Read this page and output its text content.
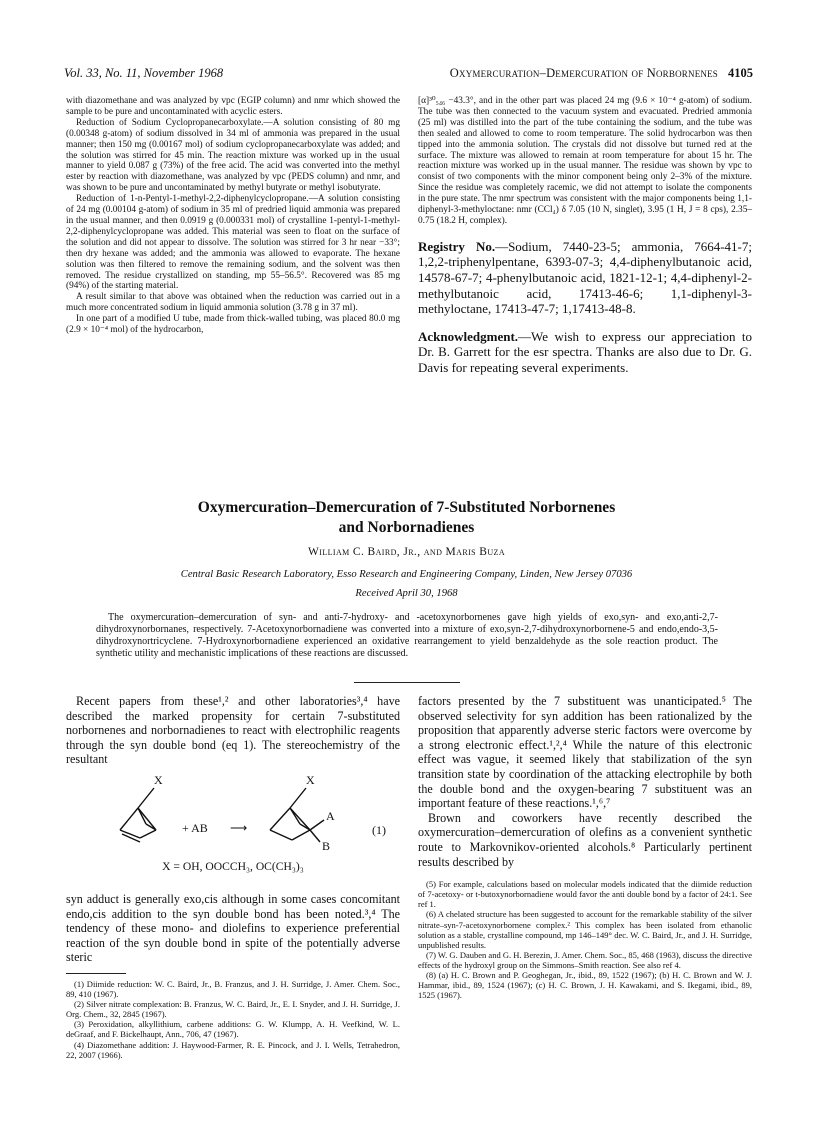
Vol. 33, No. 11, November 1968	Oxymercuration–Demercuration of Norbornenes 4105

with diazomethane and was analyzed by vpc (EGIP column) and nmr which showed the sample to be pure and uncontaminated with acyclic esters.

Reduction of Sodium Cyclopropanecarboxylate.—A solution consisting of 80 mg (0.00348 g-atom) of sodium dissolved in 34 ml of ammonia was prepared in the usual manner; then 150 mg (0.00167 mol) of sodium cyclopropanecarboxylate was added; and the solution was stirred for 45 min. The reaction mixture was worked up in the usual manner to yield 0.087 g (73%) of the free acid. The acid was converted into the methyl ester by reaction with diazomethane, was analyzed by vpc (PEDS column) and nmr, and was shown to be pure and uncontaminated by methyl butyrate or methyl isobutyrate.

Reduction of 1-n-Pentyl-1-methyl-2,2-diphenylcyclopropane.—A solution consisting of 24 mg (0.00104 g-atom) of sodium in 35 ml of predried liquid ammonia was prepared in the usual manner, and then 0.0919 g (0.000331 mol) of crystalline 1-pentyl-1-methyl-2,2-diphenylcyclopropane was added. This material was seen to float on the surface of the solution and did not appear to dissolve. The solution was stirred for 3 hr near −33°; then dry hexane was added; and the ammonia was allowed to evaporate. The hexane solution was then filtered to remove the remaining sodium, and the solvent was then removed. The residue crystallized on standing, mp 55–56.5°. Recovered was 85 mg (94%) of the starting material.

A result similar to that above was obtained when the reduction was carried out in a much more concentrated sodium in liquid ammonia solution (3.78 g in 37 ml).

In one part of a modified U tube, made from thick-walled tubing, was placed 80.0 mg (2.9 × 10⁻⁴ mol) of the hydrocarbon,

[α]³⁰₅₄₆ −43.3°, and in the other part was placed 24 mg (9.6 × 10⁻⁴ g-atom) of sodium. The tube was then connected to the vacuum system and evacuated. Predried ammonia (25 ml) was distilled into the part of the tube containing the sodium, and the tube was then sealed and allowed to come to room temperature. The solid hydrocarbon was then tipped into the ammonia solution. The crystals did not dissolve but turned red at the surface. The mixture was allowed to remain at room temperature for about 15 hr. The reaction mixture was worked up in the usual manner. The residue was shown by vpc to consist of two components with the minor component being only 2–3% of the mixture. Since the residue was completely racemic, we did not attempt to isolate the components in the pure state. The nmr spectrum was consistent with the major components being 1,1-diphenyl-3-methyloctane: nmr (CCl₄) δ 7.05 (10 N, singlet), 3.95 (1 H, J = 8 cps), 2.35–0.75 (18.2 H, complex).

Registry No.—Sodium, 7440-23-5; ammonia, 7664-41-7; 1,2,2-triphenylpentane, 6393-07-3; 4,4-diphenylbutanoic acid, 14578-67-7; 4-phenylbutanoic acid, 1821-12-1; 4,4-diphenyl-2-methylbutanoic acid, 17413-46-6; 1,1-diphenyl-3-methyloctane, 17413-47-7; 1,17413-48-8.
Acknowledgment.—We wish to express our appreciation to Dr. B. Garrett for the esr spectra. Thanks are also due to Dr. G. Davis for repeating several experiments.
Oxymercuration–Demercuration of 7-Substituted Norbornenes
and Norbornadienes
William C. Baird, Jr., and Maris Buza
Central Basic Research Laboratory, Esso Research and Engineering Company, Linden, New Jersey 07036
Received April 30, 1968

The oxymercuration–demercuration of syn- and anti-7-hydroxy- and -acetoxynorbornenes gave high yields of exo,syn- and exo,anti-2,7-dihydroxynorbornanes, respectively. 7-Acetoxynorbornadiene was converted into a mixture of exo,syn-2,7-dihydroxynorbornene-5 and endo,endo-3,5-dihydroxynortricyclene. 7-Hydroxynorbornadiene experienced an oxidative rearrangement to yield benzaldehyde as the sole reaction product. The synthetic utility and mechanistic implications of these reactions are discussed.

Recent papers from these¹,² and other laboratories³,⁴ have described the marked propensity for certain 7-substituted norbornenes and norbornadienes to react with electrophilic reagents through the syn double bond (eq 1). The stereochemistry of the resultant

X
+ AB ⟶
X
A
B
(1)
X = OH, OOCCH₃, OC(CH₃)₃

syn adduct is generally exo,cis although in some cases concomitant endo,cis addition to the syn double bond has been noted.³,⁴ The tendency of these mono- and diolefins to experience preferential reaction of the syn double bond in spite of the potentially adverse steric

(1) Diimide reduction: W. C. Baird, Jr., B. Franzus, and J. H. Surridge, J. Amer. Chem. Soc., 89, 410 (1967).

(2) Silver nitrate complexation: B. Franzus, W. C. Baird, Jr., E. I. Snyder, and J. H. Surridge, J. Org. Chem., 32, 2845 (1967).

(3) Peroxidation, alkyllithium, carbene additions: G. W. Klumpp, A. H. Veefkind, W. L. deGraaf, and F. Bickelhaupt, Ann., 706, 47 (1967).

(4) Diazomethane addition: J. Haywood-Farmer, R. E. Pincock, and J. I. Wells, Tetrahedron, 22, 2007 (1966).

factors presented by the 7 substituent was unanticipated.⁵ The observed selectivity for syn addition has been rationalized by the proposition that apparently adverse steric factors were overcome by a strong electronic effect.¹,²,⁴ While the nature of this electronic effect was vague, it seemed likely that stabilization of the syn transition state by coordination of the attacking electrophile by both the double bond and the oxygen-bearing 7 substituent was an important feature of these reactions.¹,⁶,⁷

Brown and coworkers have recently described the oxymercuration–demercuration of olefins as a convenient synthetic route to Markovnikov-oriented alcohols.⁸ Particularly pertinent results described by

(5) For example, calculations based on molecular models indicated that the diimide reduction of 7-acetoxy- or t-butoxynorbornadiene would favor the anti double bond by a factor of 24:1. See ref 1.

(6) A chelated structure has been suggested to account for the remarkable stability of the silver nitrate–syn-7-acetoxynorbornene complex.² This complex has been isolated from ethanolic solution as a stable, crystalline compound, mp 146–149° dec. W. C. Baird, Jr., and J. H. Surridge, unpublished results.

(7) W. G. Dauben and G. H. Berezin, J. Amer. Chem. Soc., 85, 468 (1963), discuss the directive effects of the hydroxyl group on the Simmons–Smith reaction. See also ref 4.

(8) (a) H. C. Brown and P. Geoghegan, Jr., ibid., 89, 1522 (1967); (b) H. C. Brown and W. J. Hammar, ibid., 89, 1524 (1967); (c) H. C. Brown, J. H. Kawakami, and S. Ikegami, ibid., 89, 1525 (1967).
